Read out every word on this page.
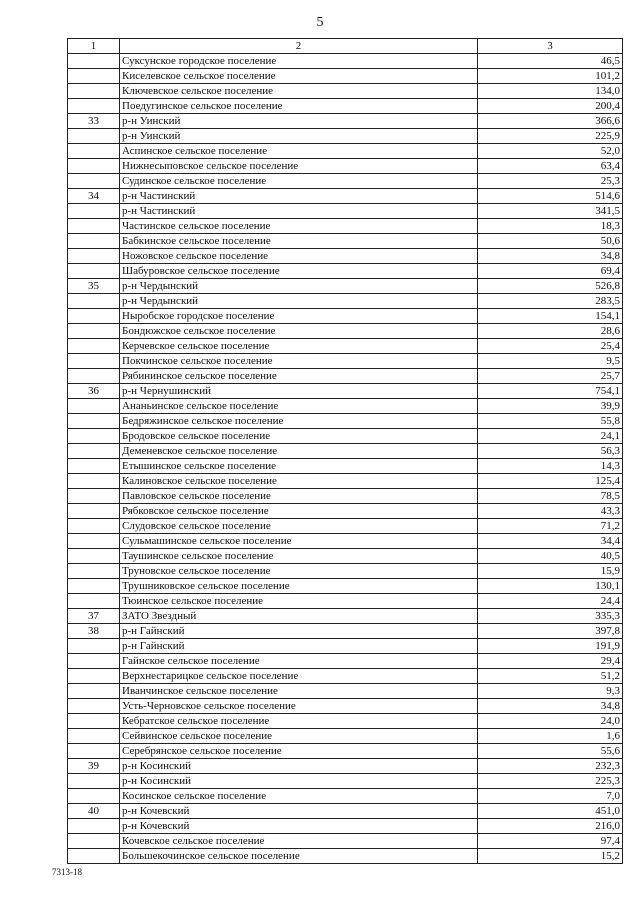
5
1	2	3
	Суксунское городское поселение	46,5
	Киселевское сельское поселение	101,2
	Ключевское сельское поселение	134,0
	Поедугинское сельское поселение	200,4
33	р-н Уинский	366,6
	р-н Уинский	225,9
	Аспинское сельское поселение	52,0
	Нижнесыповское сельское поселение	63,4
	Судинское сельское поселение	25,3
34	р-н Частинский	514,6
	р-н Частинский	341,5
	Частинское сельское поселение	18,3
	Бабкинское сельское поселение	50,6
	Ножовское сельское поселение	34,8
	Шабуровское сельское поселение	69,4
35	р-н Чердынский	526,8
	р-н Чердынский	283,5
	Ныробское городское поселение	154,1
	Бондюжское сельское поселение	28,6
	Керчевское сельское поселение	25,4
	Покчинское сельское поселение	9,5
	Рябининское сельское поселение	25,7
36	р-н Чернушинский	754,1
	Ананьинское сельское поселение	39,9
	Бедряжинское сельское поселение	55,8
	Бродовское сельское поселение	24,1
	Деменевское сельское поселение	56,3
	Етышинское сельское поселение	14,3
	Калиновское сельское поселение	125,4
	Павловское сельское поселение	78,5
	Рябковское сельское поселение	43,3
	Слудовское сельское поселение	71,2
	Сульмашинское сельское поселение	34,4
	Таушинское сельское поселение	40,5
	Труновское сельское поселение	15,9
	Трушниковское сельское поселение	130,1
	Тюинское сельское поселение	24,4
37	ЗАТО Звездный	335,3
38	р-н Гайнский	397,8
	р-н Гайнский	191,9
	Гайнское сельское поселение	29,4
	Верхнестарицкое сельское поселение	51,2
	Иванчинское сельское поселение	9,3
	Усть-Черновское сельское поселение	34,8
	Кебратское сельское поселение	24,0
	Сейвинское сельское поселение	1,6
	Серебрянское сельское поселение	55,6
39	р-н Косинский	232,3
	р-н Косинский	225,3
	Косинское сельское поселение	7,0
40	р-н Кочевский	451,0
	р-н Кочевский	216,0
	Кочевское сельское поселение	97,4
	Большекочинское сельское поселение	15,2
7313-18
